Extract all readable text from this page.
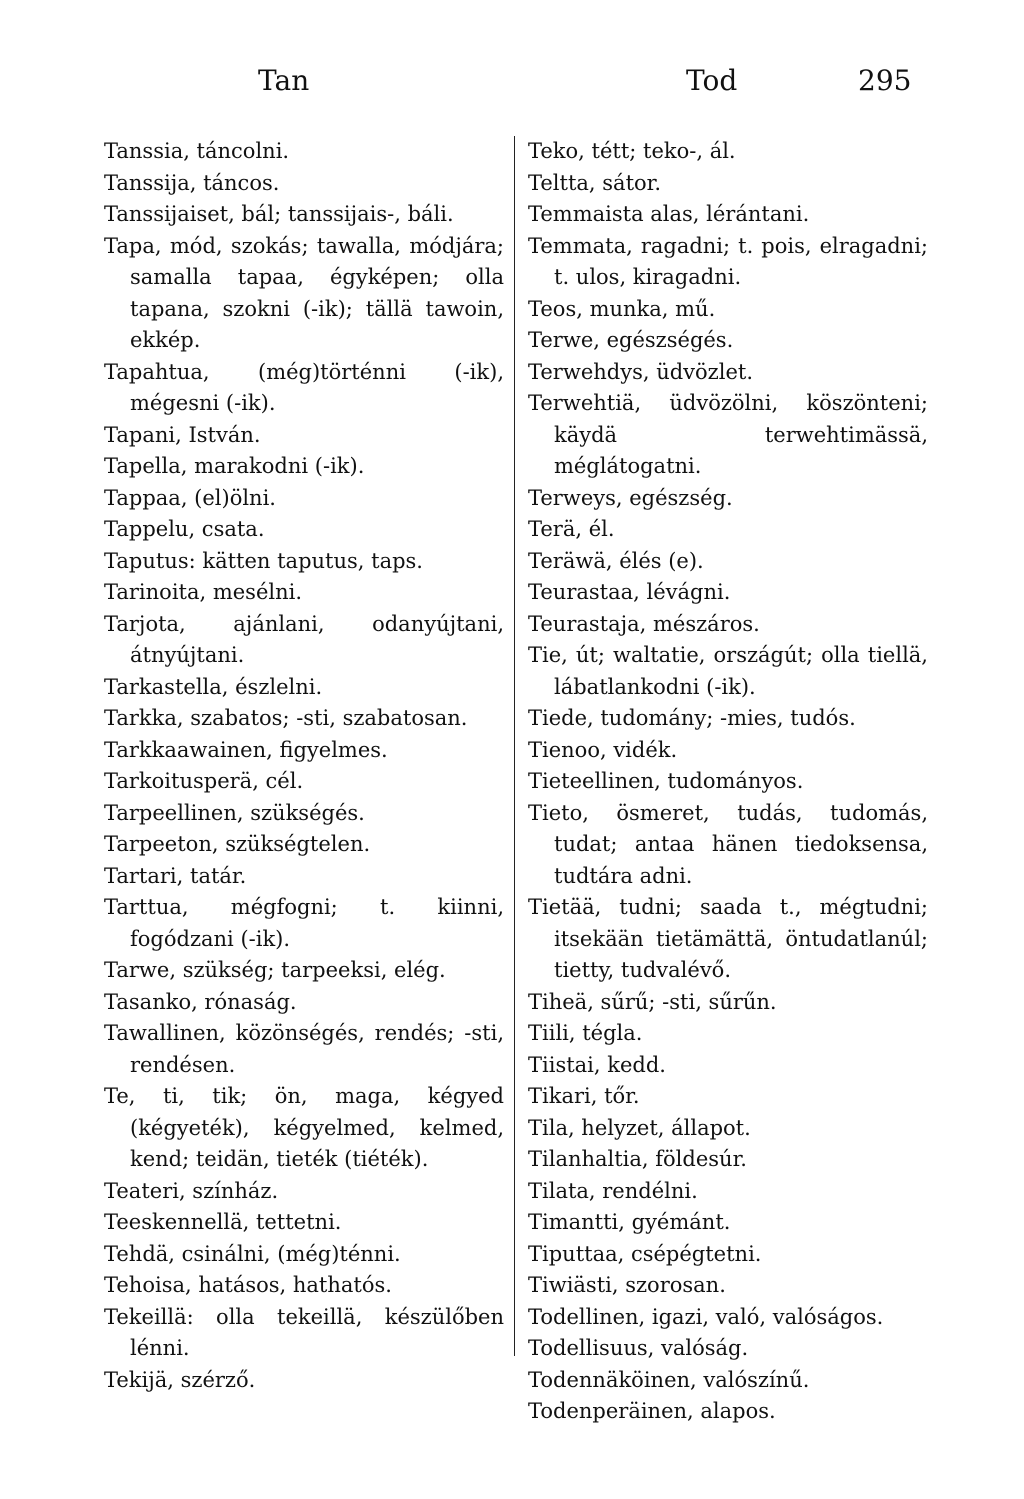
Tan	Tod	295
Tanssia, táncolni.
Tanssija, táncos.
Tanssijaiset, bál; tanssijais-, báli.
Tapa, mód, szokás; tawalla, módjára; samalla tapaa, égyképen; olla tapana, szokni (-ik); tällä tawoin, ekkép.
Tapahtua, (még)történni (-ik), mégesni (-ik).
Tapani, István.
Tapella, marakodni (-ik).
Tappaa, (el)ölni.
Tappelu, csata.
Taputus: kätten taputus, taps.
Tarinoita, mesélni.
Tarjota, ajánlani, odanyújtani, átnyújtani.
Tarkastella, észlelni.
Tarkka, szabatos; -sti, szabatosan.
Tarkkaawainen, figyelmes.
Tarkoitusperä, cél.
Tarpeellinen, szükségés.
Tarpeeton, szükségtelen.
Tartari, tatár.
Tarttua, mégfogni; t. kiinni, fogódzani (-ik).
Tarwe, szükség; tarpeeksi, elég.
Tasanko, rónaság.
Tawallinen, közönségés, rendés; -sti, rendésen.
Te, ti, tik; ön, maga, kégyed (kégyeték), kégyelmed, kelmed, kend; teidän, tieték (tiéték).
Teateri, színház.
Teeskennellä, tettetni.
Tehdä, csinálni, (még)ténni.
Tehoisa, hatásos, hathatós.
Tekeillä: olla tekeillä, készülőben lénni.
Tekijä, szérző.
Teko, tétt; teko-, ál.
Teltta, sátor.
Temmaista alas, lérántani.
Temmata, ragadni; t. pois, elragadni; t. ulos, kiragadni.
Teos, munka, mű.
Terwe, egészségés.
Terwehdys, üdvözlet.
Terwehtiä, üdvözölni, köszönteni; käydä terwehtimässä, méglátogatni.
Terweys, egészség.
Terä, él.
Teräwä, élés (e).
Teurastaa, lévágni.
Teurastaja, mészáros.
Tie, út; waltatie, országút; olla tiellä, lábatlankodni (-ik).
Tiede, tudomány; -mies, tudós.
Tienoo, vidék.
Tieteellinen, tudományos.
Tieto, ösmeret, tudás, tudomás, tudat; antaa hänen tiedoksensa, tudtára adni.
Tietää, tudni; saada t., mégtudni; itsekään tietämättä, öntudatlanúl; tietty, tudvalévő.
Tiheä, sűrű; -sti, sűrűn.
Tiili, tégla.
Tiistai, kedd.
Tikari, tőr.
Tila, helyzet, állapot.
Tilanhaltia, földesúr.
Tilata, rendélni.
Timantti, gyémánt.
Tiputtaa, csépégtetni.
Tiwiästi, szorosan.
Todellinen, igazi, való, valóságos.
Todellisuus, valóság.
Todennäköinen, valószínű.
Todenperäinen, alapos.
